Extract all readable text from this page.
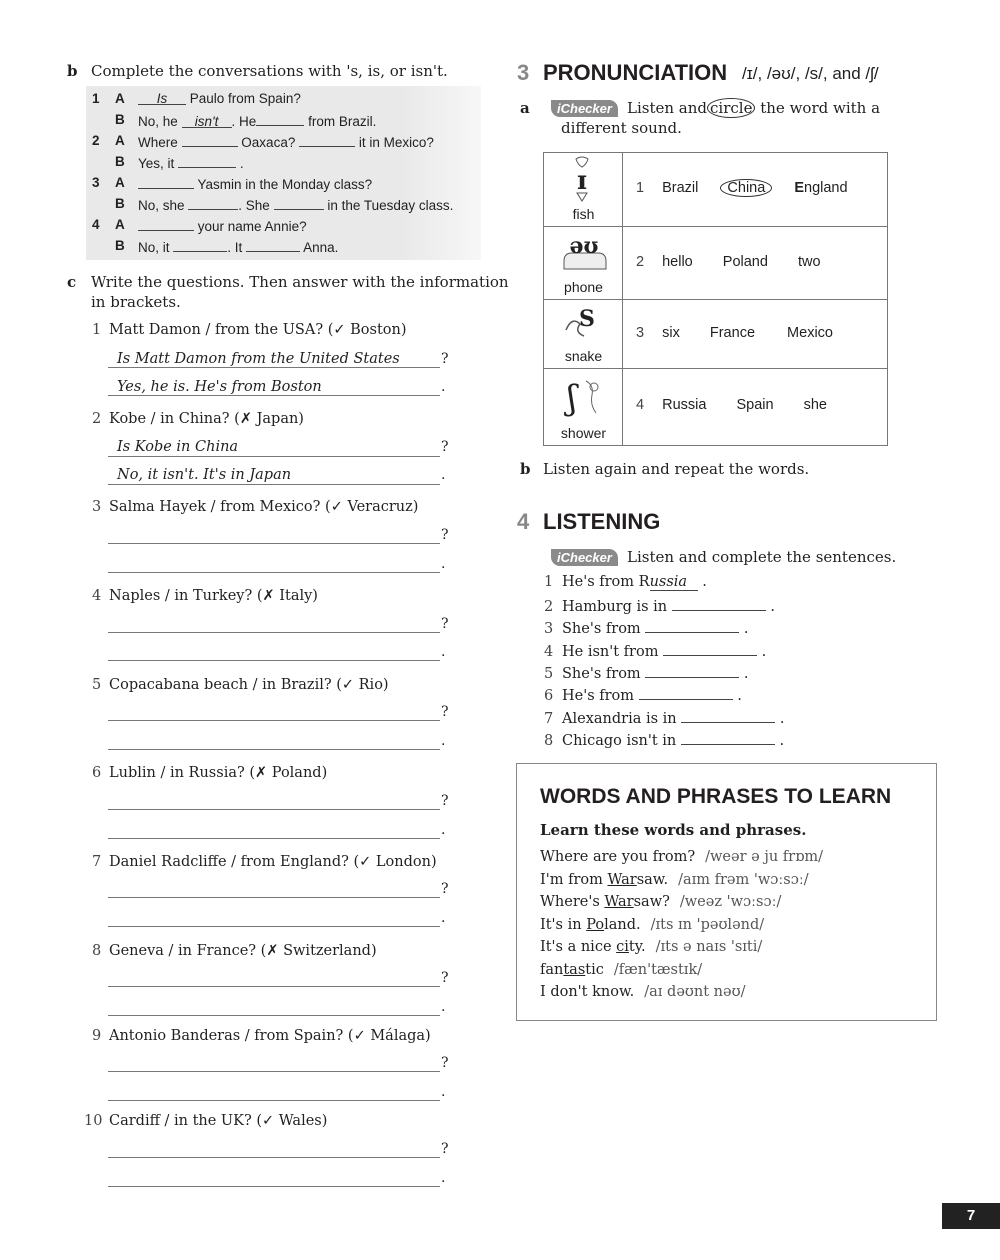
b Complete the conversations with 's, is, or isn't.
1 A	Is Paulo from Spain?
B No, he isn't . He	from Brazil.
2 A Where	Oaxaca?	it in Mexico?
B Yes, it	.
3 A	Yasmin in the Monday class?
B No, she	. She	in the Tuesday class.
4 A	your name Annie?
B No, it	. It	Anna.
c Write the questions. Then answer with the information
in brackets.
1 Matt Damon / from the USA? (✓ Boston)
Is Matt Damon from the United States	?
Yes, he is. He's from Boston	.
2 Kobe / in China? (✗ Japan)
Is Kobe in China	?
No, it isn't. It's in Japan	.
3 Salma Hayek / from Mexico? (✓ Veracruz)
?
.
4 Naples / in Turkey? (✗ Italy)
?
.
5 Copacabana beach / in Brazil? (✓ Rio)
?
.
6 Lublin / in Russia? (✗ Poland)
?
.
7 Daniel Radcliffe / from England? (✓ London)
?
.
8 Geneva / in France? (✗ Switzerland)
?
.
9 Antonio Banderas / from Spain? (✓ Málaga)
?
.
10 Cardiff / in the UK? (✓ Wales)
?
.
3 PRONUNCIATION /ɪ/, /əʊ/, /s/, and /ʃ/
a	iChecker	Listen and circle the word with a
different sound.
ɪ
fish
1 Brazil China England
əʊ
phone
2 hello Poland two
S
snake
3 six France Mexico
ʃ
shower
4 Russia Spain she
b Listen again and repeat the words.
4 LISTENING
iChecker	Listen and complete the sentences.
1 He's from Russia .
2 Hamburg is in	.
3 She's from	.
4 He isn't from	.
5 She's from	.
6 He's from	.
7 Alexandria is in	.
8 Chicago isn't in	.
WORDS AND PHRASES TO LEARN
Learn these words and phrases.
Where are you from? /weər ə ju frɒm/
I'm from Warsaw. /aɪm frəm 'wɔːsɔː/
Where's Warsaw? /weəz 'wɔːsɔː/
It's in Poland. /ɪts ɪn 'pəʊlənd/
It's a nice city. /ɪts ə naɪs 'sɪti/
fantastic /fæn'tæstɪk/
I don't know. /aɪ dəʊnt nəʊ/
7
